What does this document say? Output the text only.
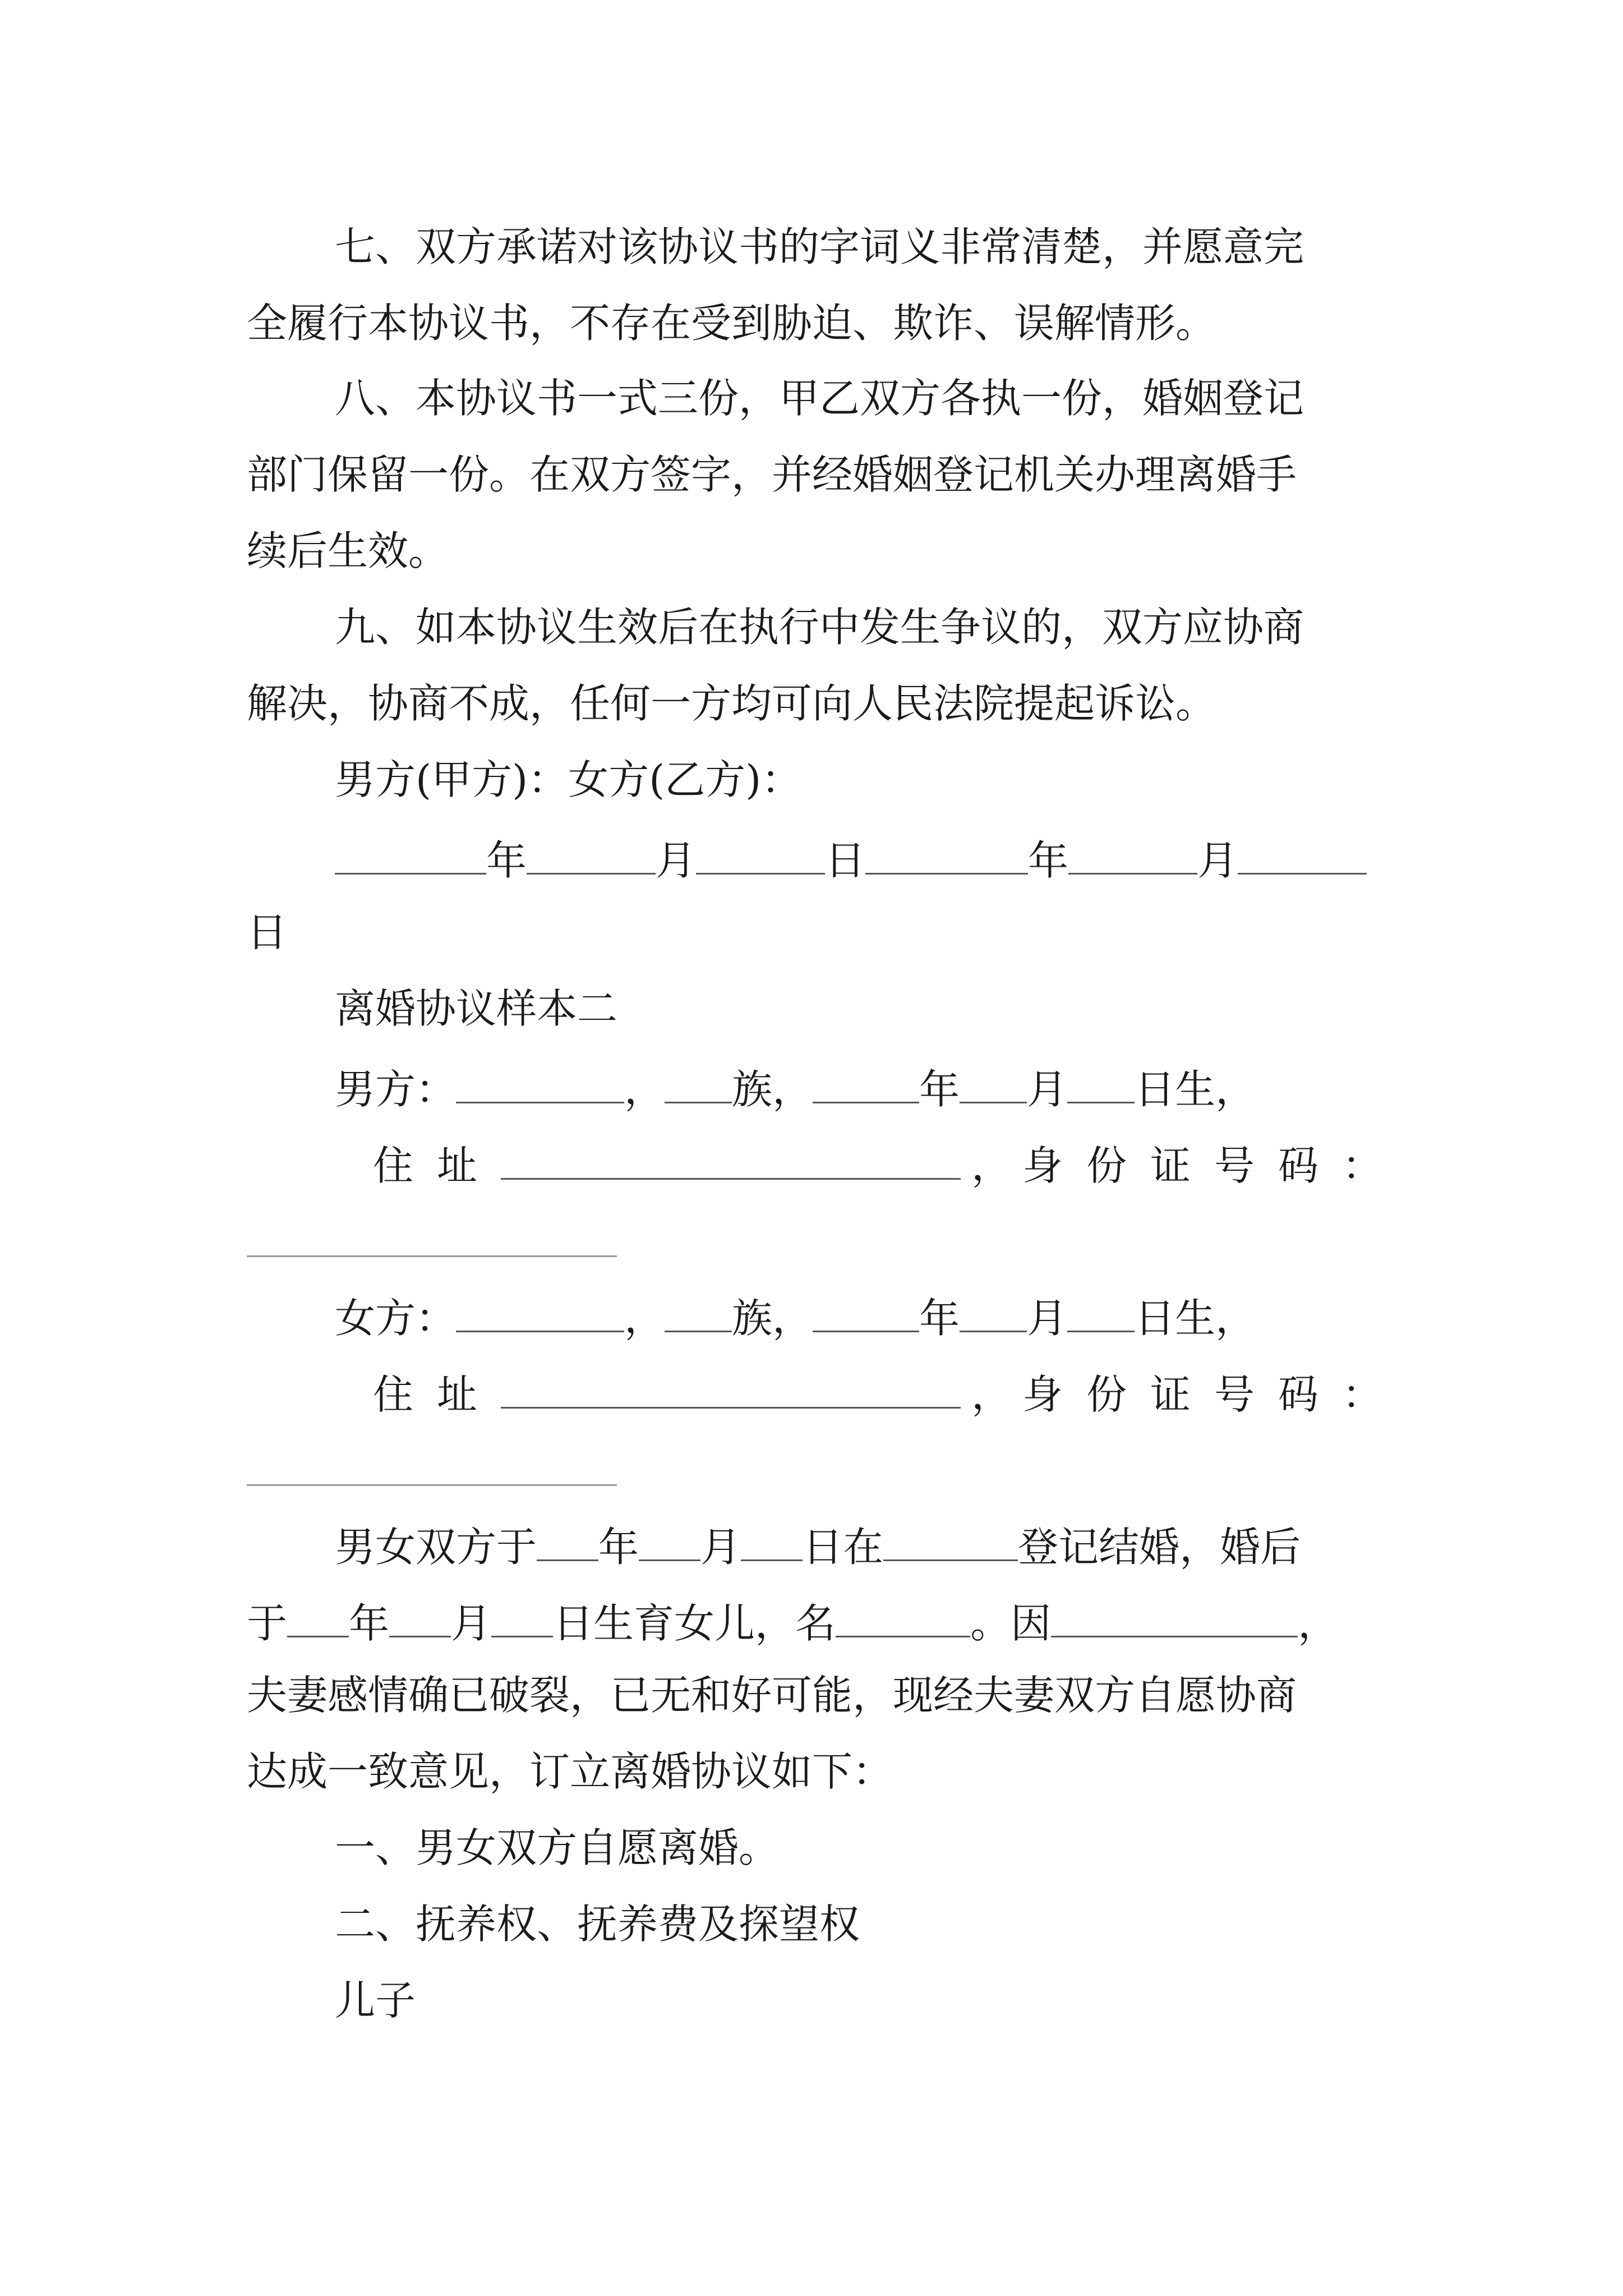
七、双方承诺对该协议书的字词义非常清楚，并愿意完
全履行本协议书，不存在受到胁迫、欺诈、误解情形。
八、本协议书一式三份，甲乙双方各执一份，婚姻登记
部门保留一份。在双方签字，并经婚姻登记机关办理离婚手
续后生效。
九、如本协议生效后在执行中发生争议的，双方应协商
解决，协商不成，任何一方均可向人民法院提起诉讼。
男方(甲方)：女方(乙方)：
年	月	日	年	月
日
离婚协议样本二
男方：	， 族，	年 月 日生，
住址	， 身份证号码：
女方：	， 族，	年 月 日生，
住址	， 身份证号码：
男女双方于 年 月 日在	登记结婚，婚后
于 年 月 日生育女儿，名	。因	，
夫妻感情确已破裂，已无和好可能，现经夫妻双方自愿协商
达成一致意见，订立离婚协议如下：
一、男女双方自愿离婚。
二、抚养权、抚养费及探望权
儿子
